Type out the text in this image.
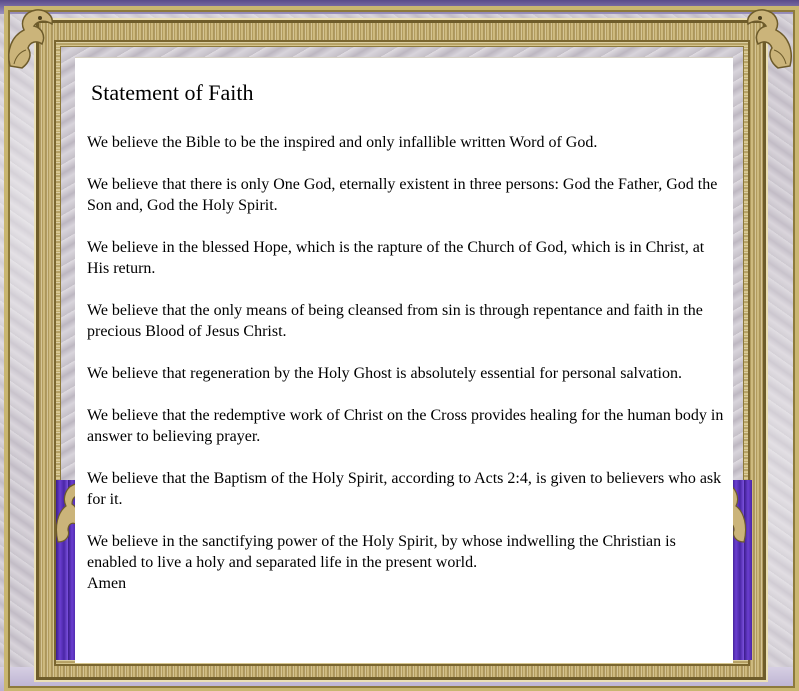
Statement of Faith
We believe the Bible to be the inspired and only infallible written Word of God.
We believe that there is only One God, eternally existent in three persons: God the Father, God the Son and, God the Holy Spirit.
We believe in the blessed Hope, which is the rapture of the Church of God, which is in Christ, at His return.
We believe that the only means of being cleansed from sin is through repentance and faith in the precious Blood of Jesus Christ.
We believe that regeneration by the Holy Ghost is absolutely essential for personal salvation.
We believe that the redemptive work of Christ on the Cross provides healing for the human body in answer to believing prayer.
We believe that the Baptism of the Holy Spirit, according to Acts 2:4, is given to believers who ask for it.
We believe in the sanctifying power of the Holy Spirit, by whose indwelling the Christian is enabled to live a holy and separated life in the present world.
Amen
